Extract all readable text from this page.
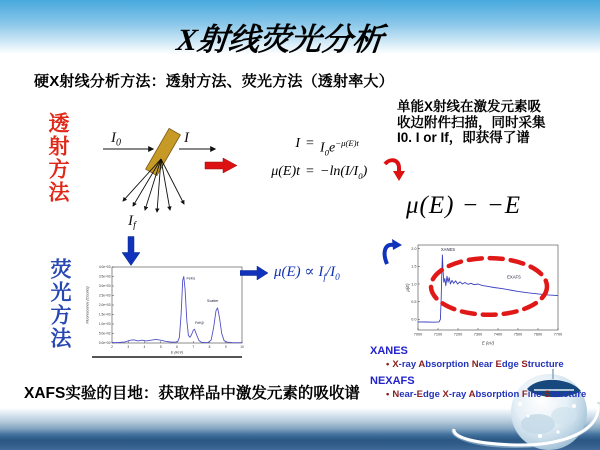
X射线荧光分析
硬X射线分析方法：透射方法、荧光方法（透射率大）
透射方法
荧光方法
$I_0$	I
$I_f$
$I = I_0e^{-\mu(E)t}$
$\mu(E)t = -\ln(I/I_0)$
单能X射线在激发元素吸
收边附件扫描，同时采集
I0. I or If，即获得了谱
μ(E) − −E
2	3	4	5	6	7	8	9	10
0.0e+00
5.0e+02
1.0e+03
1.5e+03
2.0e+03
2.5e+03
3.0e+03
3.5e+03
4.0e+03
E (keV)
Fluorescence (Counts)
FeKα
FeKβ
Scatter
$\mu(E) \propto I_f/I_0$
7000	7100	7200	7300	7400	7500	7600	7700
0.0
0.5
1.0
1.5
2.0
E (eV)
μ(E)
XANES
EXAFS
XANES
• X-ray Absorption Near Edge Structure
NEXAFS
• Near-Edge X-ray Absorption Fine Structure
XAFS实验的目地：获取样品中激发元素的吸收谱
